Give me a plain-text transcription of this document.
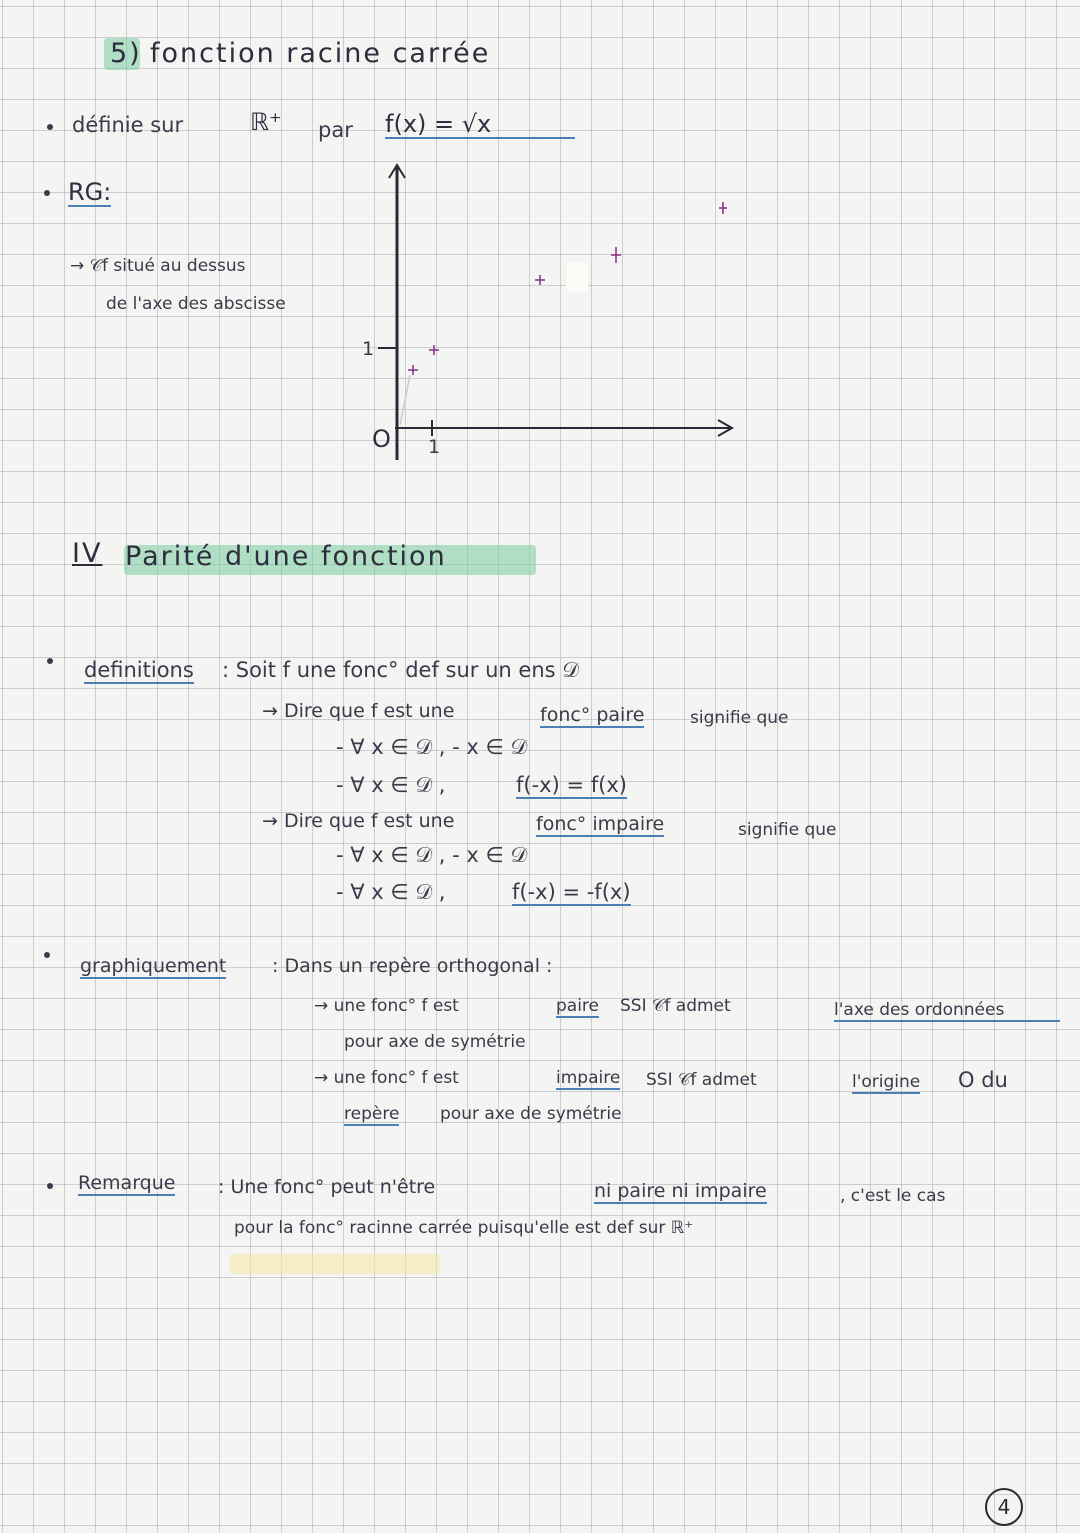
5) fonction racine carrée
définie sur	ℝ⁺ par f(x) = √x
RG:
→ 𝒞f situé au dessus
de l'axe des abscisse
1
O 1
IV Parité d'une fonction
definitions : Soit f une fonc° def sur un ens 𝒟
→ Dire que f est une	fonc° paire	signifie que
- ∀ x ∈ 𝒟 , - x ∈ 𝒟
- ∀ x ∈ 𝒟 ,	f(-x) = f(x)
→ Dire que f est une	fonc° impaire	signifie que
- ∀ x ∈ 𝒟 , - x ∈ 𝒟
- ∀ x ∈ 𝒟 ,	f(-x) = -f(x)
graphiquement : Dans un repère orthogonal :
→ une fonc° f est	paire SSI 𝒞f admet	l'axe des ordonnées
pour axe de symétrie
→ une fonc° f est	impaire SSI 𝒞f admet	l'origine O du
repère pour axe de symétrie
Remarque : Une fonc° peut n'être	ni paire ni impaire	, c'est le cas
pour la fonc° racinne carrée puisqu'elle est def sur ℝ⁺
4
